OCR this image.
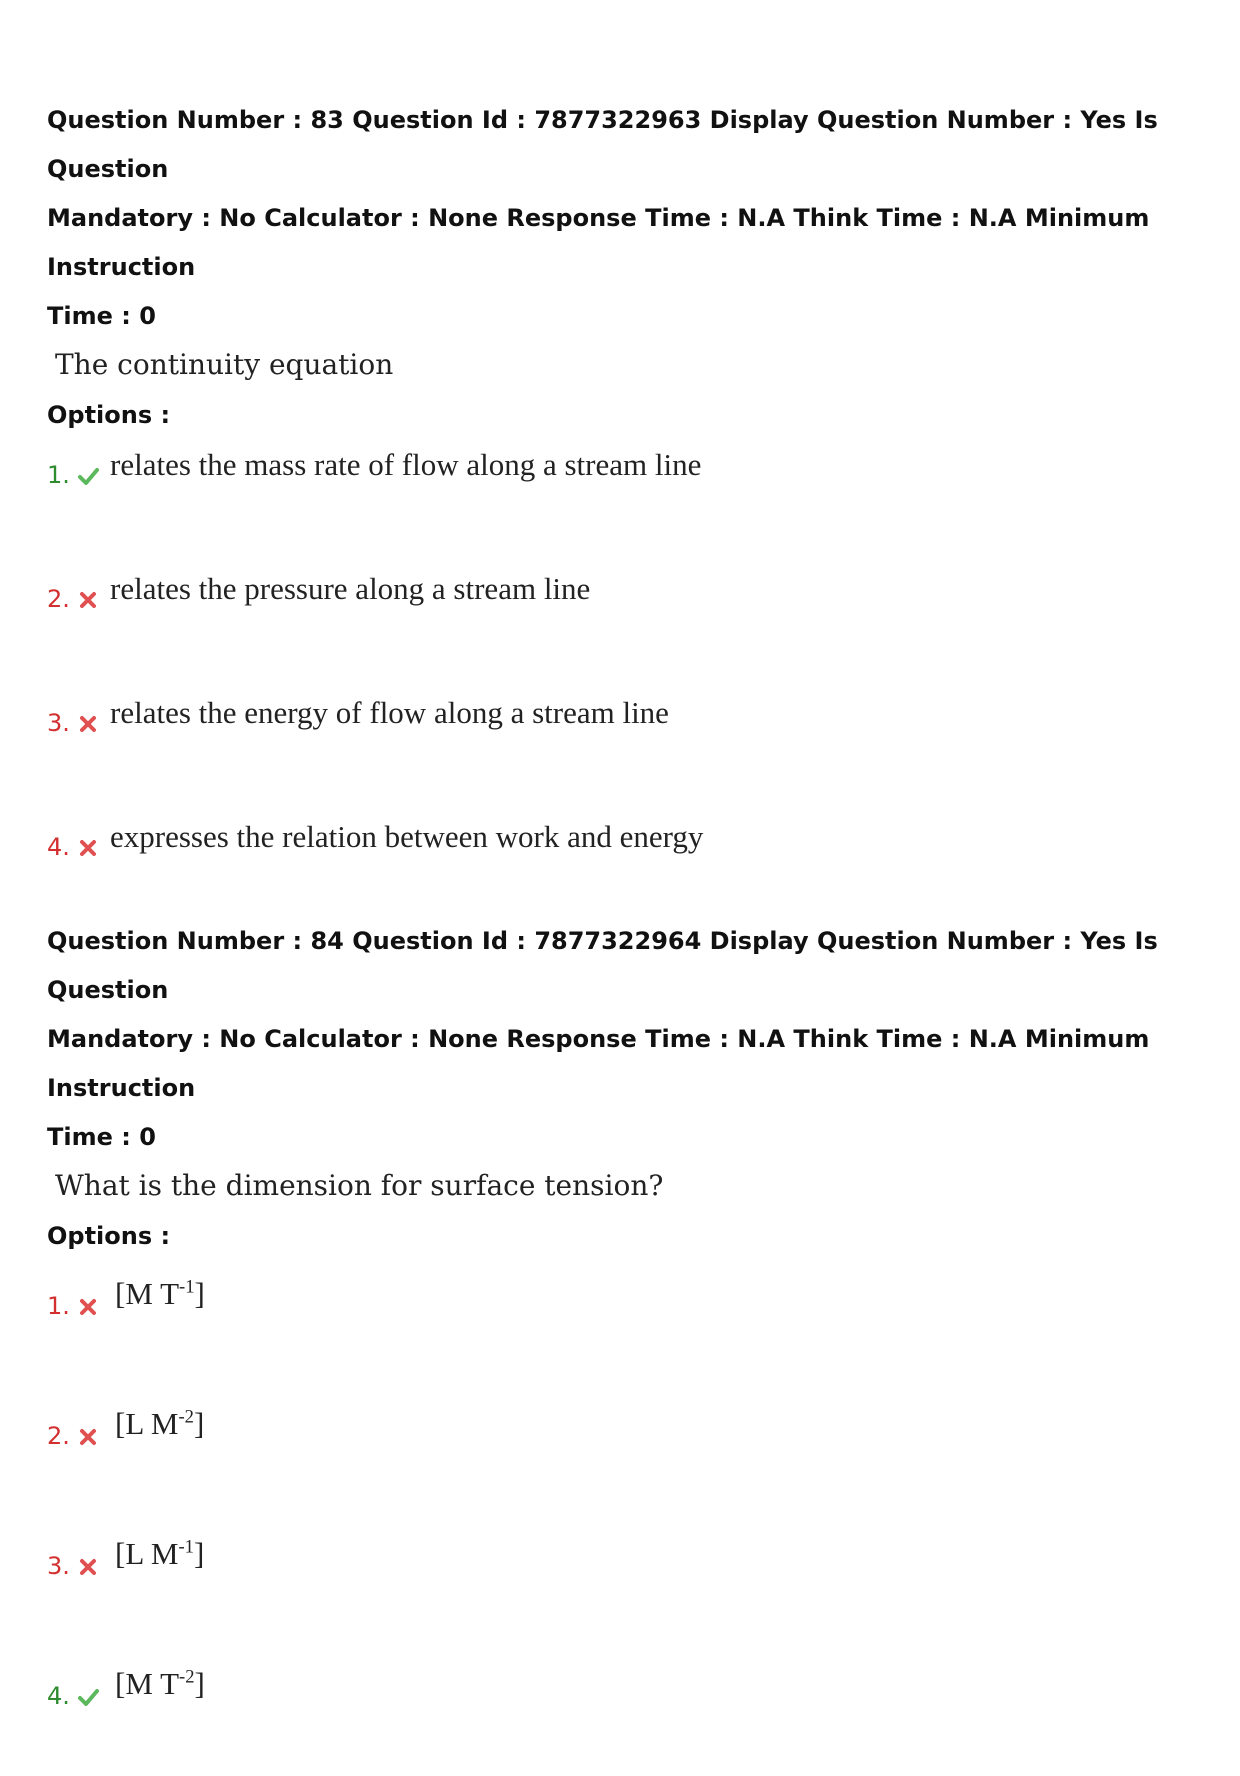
Question Number : 83 Question Id : 7877322963 Display Question Number : Yes Is Question
Mandatory : No Calculator : None Response Time : N.A Think Time : N.A Minimum Instruction
Time : 0
The continuity equation
Options :
1. relates the mass rate of flow along a stream line
2. relates the pressure along a stream line
3. relates the energy of flow along a stream line
4. expresses the relation between work and energy
Question Number : 84 Question Id : 7877322964 Display Question Number : Yes Is Question
Mandatory : No Calculator : None Response Time : N.A Think Time : N.A Minimum Instruction
Time : 0
What is the dimension for surface tension?
Options :
1. [M $T^{-1}$]
2. [L $M^{-2}$]
3. [L $M^{-1}$]
4. [M $T^{-2}$]
